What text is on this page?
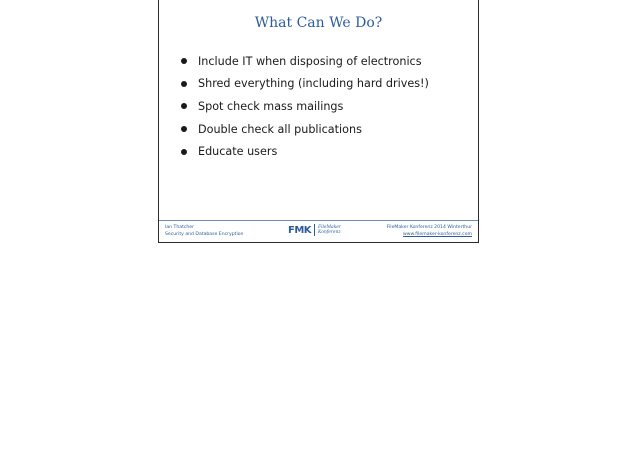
What Can We Do?
Include IT when disposing of electronics
Shred everything (including hard drives!)
Spot check mass mailings
Double check all publications
Educate users
Ian Thatcher
Security and Database Encryption	FMK FileMaker
Konferenz
FileMaker Konferenz 2014 Winterthur
www.filemaker-konferenz.com
